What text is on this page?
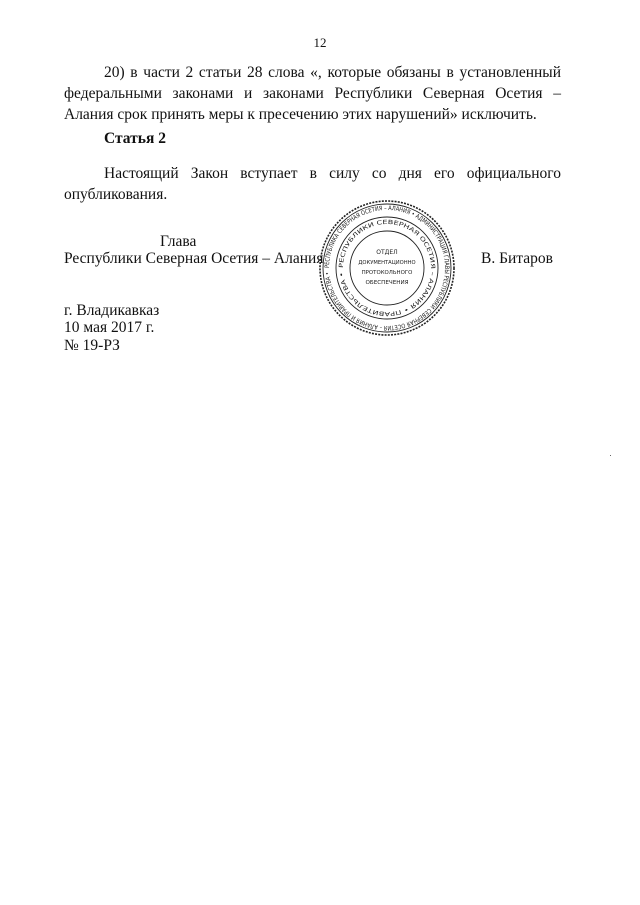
12
20) в части 2 статьи 28 слова «, которые обязаны в установленный федеральными законами и законами Республики Северная Осетия – Алания срок принять меры к пресечению этих нарушений» исключить.
Статья 2
Настоящий Закон вступает в силу со дня его официального опубликования.
Глава
Республики Северная Осетия – Алания	В. Битаров
РЕСПУБЛИКА СЕВЕРНАЯ ОСЕТИЯ – АЛАНИЯ • АДМИНИСТРАЦИЯ ГЛАВЫ РЕСПУБЛИКИ СЕВЕРНАЯ ОСЕТИЯ – АЛАНИЯ И ПРАВИТЕЛЬСТВА •
РЕСПУБЛИКИ СЕВЕРНАЯ ОСЕТИЯ – АЛАНИЯ • ПРАВИТЕЛЬСТВА •
ОТДЕЛ
ДОКУМЕНТАЦИОННО
ПРОТОКОЛЬНОГО
ОБЕСПЕЧЕНИЯ
г. Владикавказ
10 мая 2017 г.
№ 19-РЗ
